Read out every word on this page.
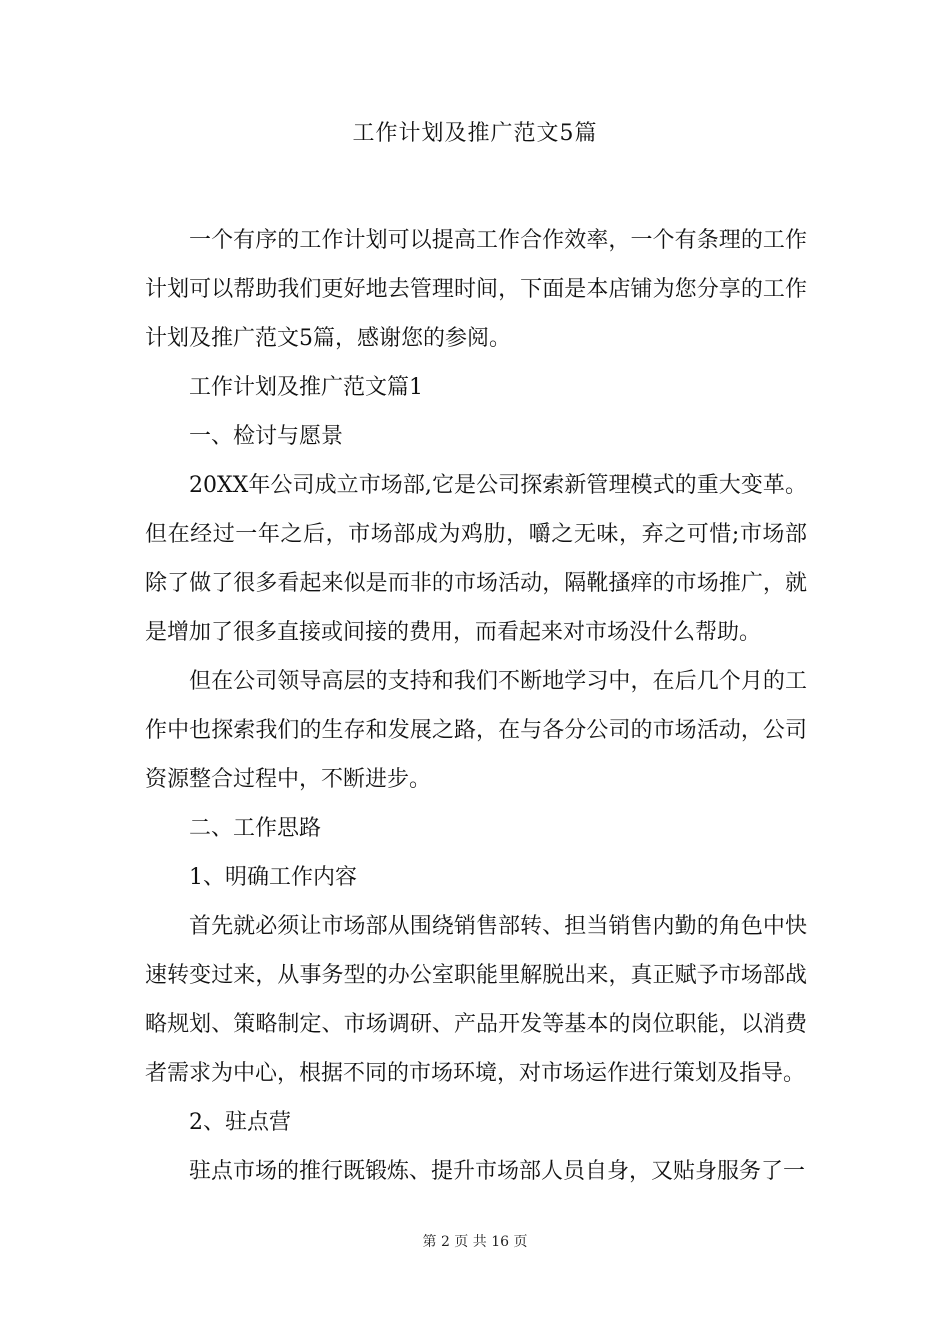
工作计划及推广范文5篇

一个有序的工作计划可以提高工作合作效率，一个有条理的工作计划可以帮助我们更好地去管理时间，下面是本店铺为您分享的工作计划及推广范文5篇，感谢您的参阅。

工作计划及推广范文篇1

一、检讨与愿景

20XX年公司成立市场部,它是公司探索新管理模式的重大变革。但在经过一年之后，市场部成为鸡肋，嚼之无味，弃之可惜;市场部除了做了很多看起来似是而非的市场活动，隔靴搔痒的市场推广，就是增加了很多直接或间接的费用，而看起来对市场没什么帮助。

但在公司领导高层的支持和我们不断地学习中，在后几个月的工作中也探索我们的生存和发展之路，在与各分公司的市场活动，公司资源整合过程中，不断进步。

二、工作思路

1、明确工作内容

首先就必须让市场部从围绕销售部转、担当销售内勤的角色中快速转变过来，从事务型的办公室职能里解脱出来，真正赋予市场部战略规划、策略制定、市场调研、产品开发等基本的岗位职能，以消费者需求为中心，根据不同的市场环境，对市场运作进行策划及指导。

2、驻点营

驻点市场的推行既锻炼、提升市场部人员自身，又贴身服务了一

第 2 页 共 16 页
